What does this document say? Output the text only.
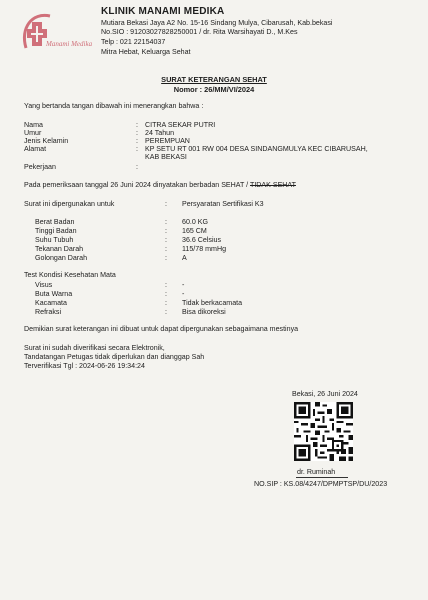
Manami Medika
KLINIK MANAMI MEDIKA
Mutiara Bekasi Jaya A2 No. 15-16 Sindang Mulya, Cibarusah, Kab.bekasi
No.SIO : 91203027828250001 / dr. Rita Warsihayati D., M.Kes
Telp : 021 22154037
Mitra Hebat, Keluarga Sehat
SURAT KETERANGAN SEHAT
Nomor : 26/MM/VI/2024
Yang bertanda tangan dibawah ini menerangkan bahwa :
Nama	: CITRA SEKAR PUTRI
Umur	: 24 Tahun
Jenis Kelamin	: PEREMPUAN
Alamat	: KP SETU RT 001 RW 004 DESA SINDANGMULYA KEC CIBARUSAH,
KAB BEKASI
Pekerjaan	:
Pada pemeriksaan tanggal 26 Juni 2024 dinyatakan berbadan SEHAT / TIDAK SEHAT
Surat ini dipergunakan untuk	: Persyaratan Sertifikasi K3
Berat Badan	: 60.0 KG
Tinggi Badan	: 165 CM
Suhu Tubuh	: 36.6 Celsius
Tekanan Darah	: 115/78 mmHg
Golongan Darah	: A
Test Kondisi Kesehatan Mata
Visus	: -
Buta Warna	: -
Kacamata	: Tidak berkacamata
Refraksi	: Bisa dikoreksi
Demikian surat keterangan ini dibuat untuk dapat dipergunakan sebagaimana mestinya
Surat ini sudah diverifikasi secara Elektronik,
Tandatangan Petugas tidak diperlukan dan dianggap Sah
Terverifikasi Tgl : 2024-06-26 19:34:24
Bekasi, 26 Juni 2024
dr. Ruminah
NO.SIP : KS.08/4247/DPMPTSP/DU/2023
